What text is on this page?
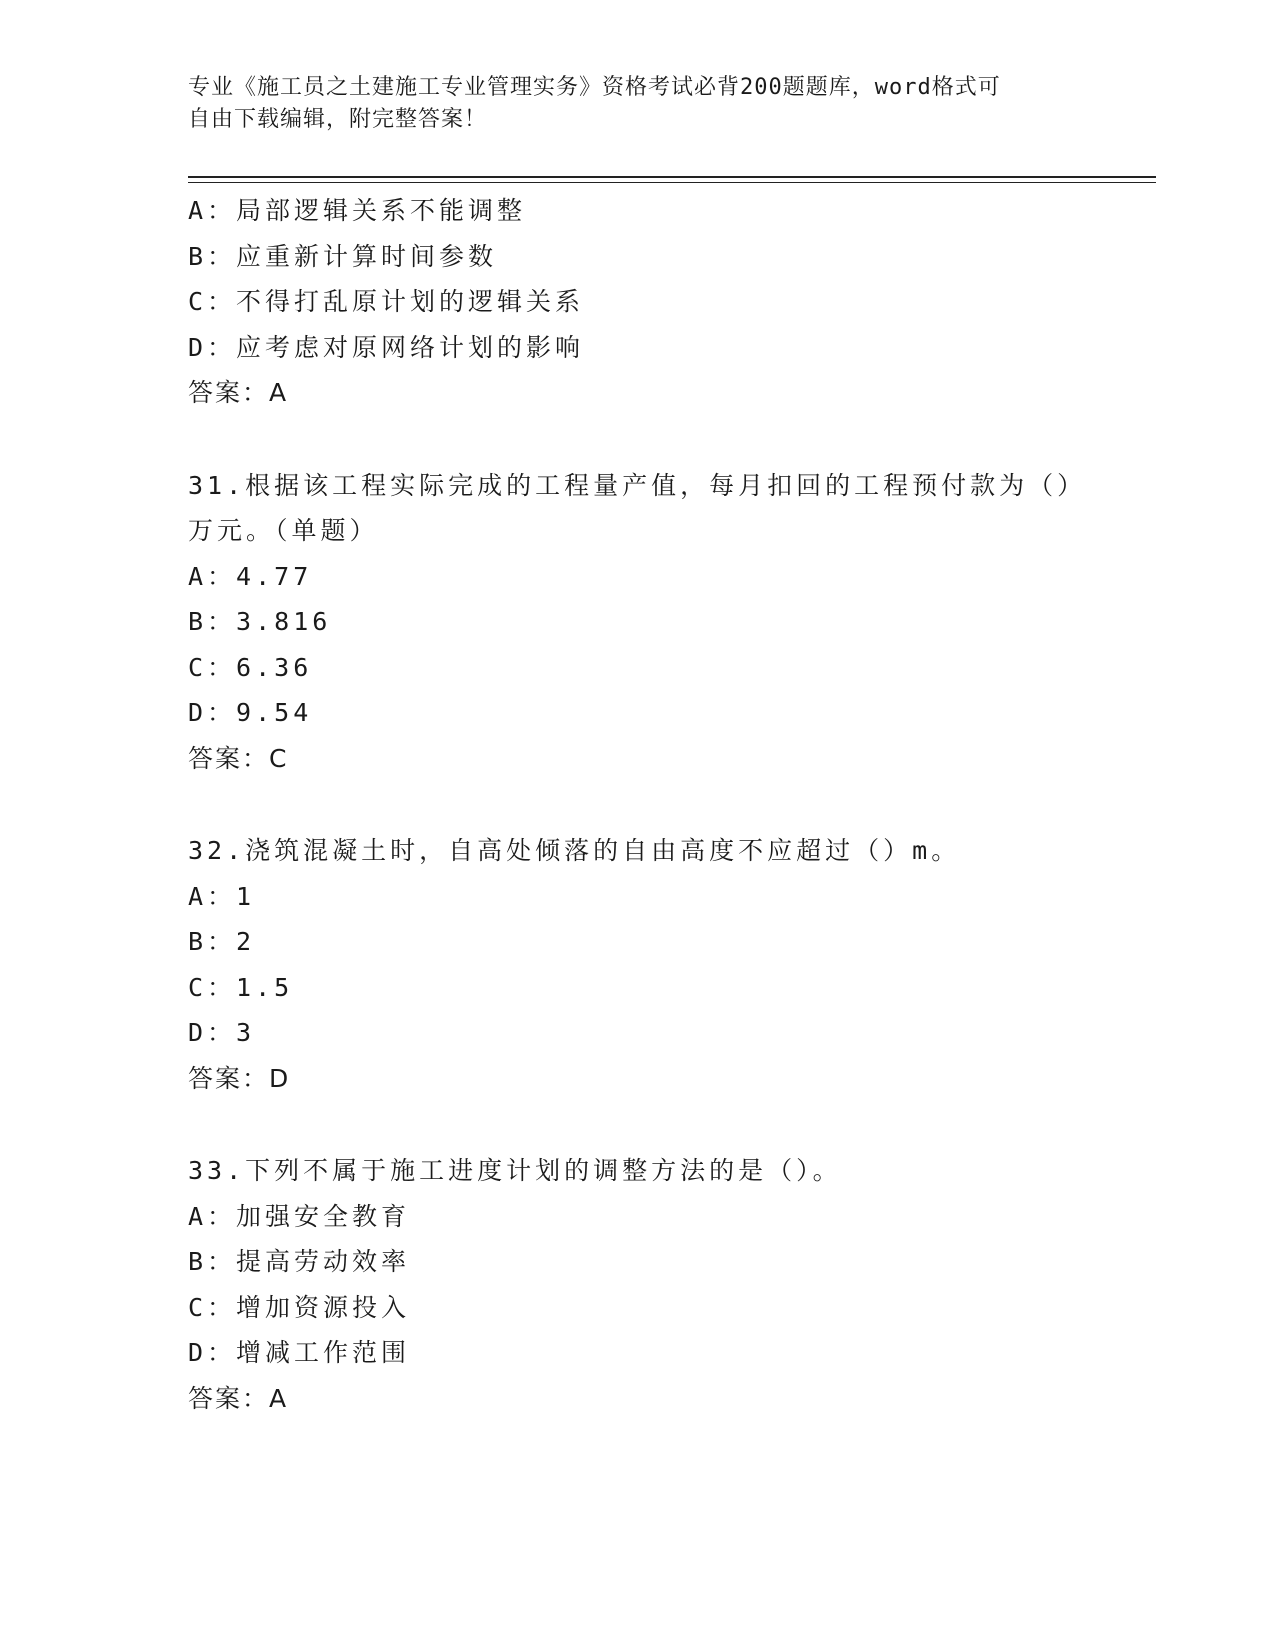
专业《施工员之土建施工专业管理实务》资格考试必背200题题库，word格式可
自由下载编辑，附完整答案！
A：局部逻辑关系不能调整
B：应重新计算时间参数
C：不得打乱原计划的逻辑关系
D：应考虑对原网络计划的影响
答案：A
31.根据该工程实际完成的工程量产值，每月扣回的工程预付款为（）
万元。（单题）
A：4.77
B：3.816
C：6.36
D：9.54
答案：C
32.浇筑混凝土时，自高处倾落的自由高度不应超过（）m。
A：1
B：2
C：1.5
D：3
答案：D
33.下列不属于施工进度计划的调整方法的是（）。
A：加强安全教育
B：提高劳动效率
C：增加资源投入
D：增减工作范围
答案：A
